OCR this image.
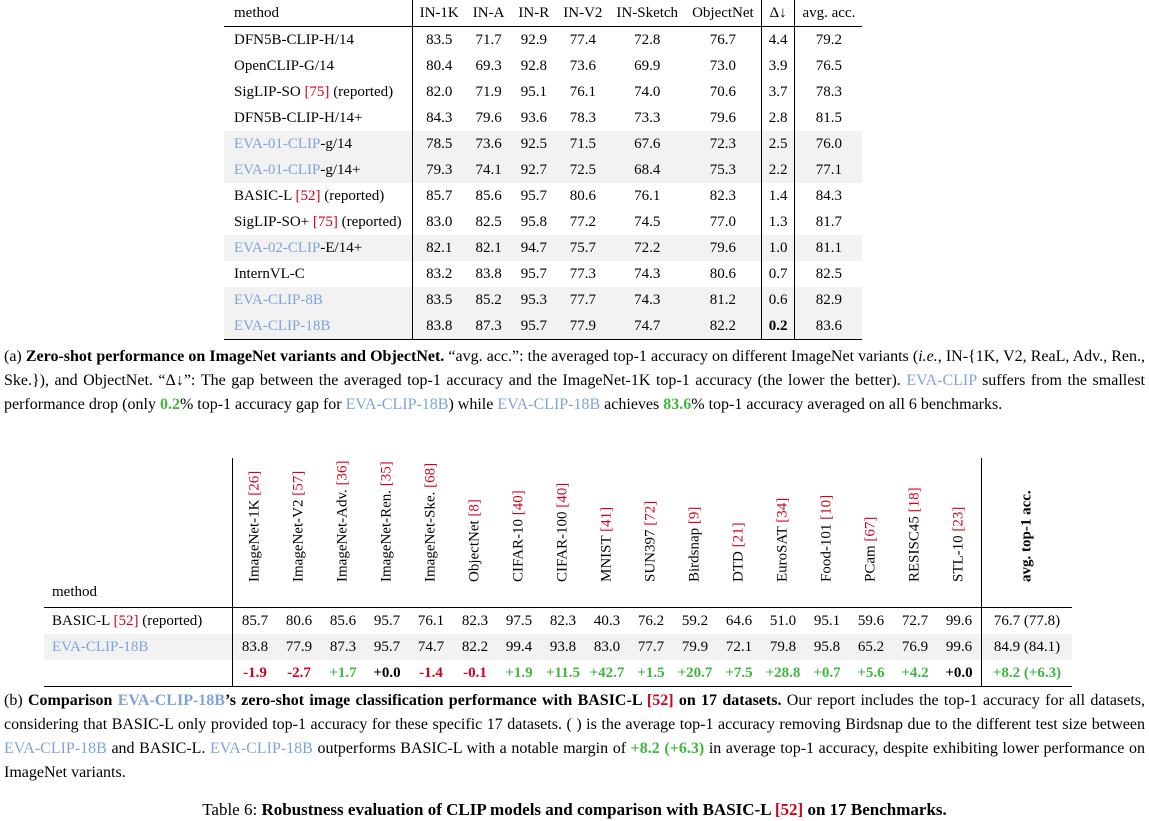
method	IN-1K	IN-A	IN-R	IN-V2	IN-Sketch	ObjectNet	Δ↓	avg. acc.
DFN5B-CLIP-H/14	83.5	71.7	92.9	77.4	72.8	76.7	4.4	79.2
OpenCLIP-G/14	80.4	69.3	92.8	73.6	69.9	73.0	3.9	76.5
SigLIP-SO [75] (reported)	82.0	71.9	95.1	76.1	74.0	70.6	3.7	78.3
DFN5B-CLIP-H/14+	84.3	79.6	93.6	78.3	73.3	79.6	2.8	81.5
EVA-01-CLIP-g/14	78.5	73.6	92.5	71.5	67.6	72.3	2.5	76.0
EVA-01-CLIP-g/14+	79.3	74.1	92.7	72.5	68.4	75.3	2.2	77.1
BASIC-L [52] (reported)	85.7	85.6	95.7	80.6	76.1	82.3	1.4	84.3
SigLIP-SO+ [75] (reported)	83.0	82.5	95.8	77.2	74.5	77.0	1.3	81.7
EVA-02-CLIP-E/14+	82.1	82.1	94.7	75.7	72.2	79.6	1.0	81.1
InternVL-C	83.2	83.8	95.7	77.3	74.3	80.6	0.7	82.5
EVA-CLIP-8B	83.5	85.2	95.3	77.7	74.3	81.2	0.6	82.9
EVA-CLIP-18B	83.8	87.3	95.7	77.9	74.7	82.2	0.2	83.6
(a) Zero-shot performance on ImageNet variants and ObjectNet. “avg. acc.”: the averaged top-1 accuracy on different ImageNet variants (i.e., IN-{1K, V2, ReaL, Adv., Ren., Ske.}), and ObjectNet. “Δ↓”: The gap between the averaged top-1 accuracy and the ImageNet-1K top-1 accuracy (the lower the better). EVA-CLIP suffers from the smallest performance drop (only 0.2% top-1 accuracy gap for EVA-CLIP-18B) while EVA-CLIP-18B achieves 83.6% top-1 accuracy averaged on all 6 benchmarks.
method	ImageNet-1K [26]	ImageNet-V2 [57]	ImageNet-Adv. [36]	ImageNet-Ren. [35]	ImageNet-Ske. [68]	ObjectNet [8]	CIFAR-10 [40]	CIFAR-100 [40]	MNIST [41]	SUN397 [72]	Birdsnap [9]	DTD [21]	EuroSAT [34]	Food-101 [10]	PCam [67]	RESISC45 [18]	STL-10 [23]	avg. top-1 acc.

BASIC-L [52] (reported)	85.7	80.6	85.6	95.7	76.1	82.3	97.5	82.3	40.3	76.2	59.2	64.6	51.0	95.1	59.6	72.7	99.6	76.7 (77.8)
EVA-CLIP-18B	83.8	77.9	87.3	95.7	74.7	82.2	99.4	93.8	83.0	77.7	79.9	72.1	79.8	95.8	65.2	76.9	99.6	84.9 (84.1)
	-1.9	-2.7	+1.7	+0.0	-1.4	-0.1	+1.9	+11.5	+42.7	+1.5	+20.7	+7.5	+28.8	+0.7	+5.6	+4.2	+0.0	+8.2 (+6.3)
(b) Comparison EVA-CLIP-18B’s zero-shot image classification performance with BASIC-L [52] on 17 datasets. Our report includes the top-1 accuracy for all datasets, considering that BASIC-L only provided top-1 accuracy for these specific 17 datasets. ( ) is the average top-1 accuracy removing Birdsnap due to the different test size between EVA-CLIP-18B and BASIC-L. EVA-CLIP-18B outperforms BASIC-L with a notable margin of +8.2 (+6.3) in average top-1 accuracy, despite exhibiting lower performance on ImageNet variants.
Table 6: Robustness evaluation of CLIP models and comparison with BASIC-L [52] on 17 Benchmarks.
